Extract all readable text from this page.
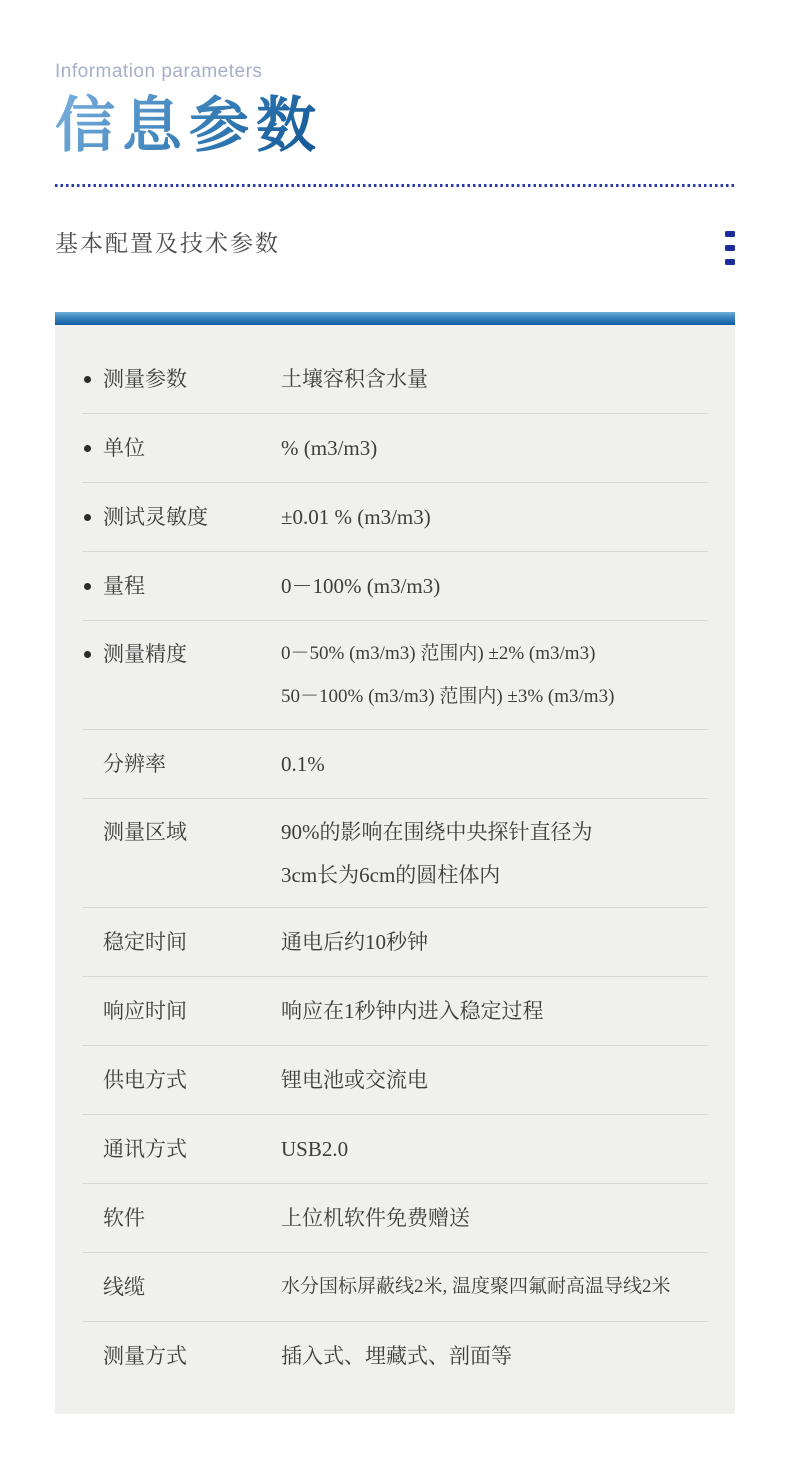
Information parameters
信息参数
基本配置及技术参数
测量参数	土壤容积含水量
单位	% (m3/m3)
测试灵敏度	±0.01 % (m3/m3)
量程	0－100% (m3/m3)
测量精度	0－50% (m3/m3) 范围内) ±2% (m3/m3)
50－100% (m3/m3) 范围内) ±3% (m3/m3)
分辨率	0.1%
测量区域	90%的影响在围绕中央探针直径为
3cm长为6cm的圆柱体内
稳定时间	通电后约10秒钟
响应时间	响应在1秒钟内进入稳定过程
供电方式	锂电池或交流电
通讯方式	USB2.0
软件	上位机软件免费赠送
线缆	水分国标屏蔽线2米, 温度聚四氟耐高温导线2米
测量方式	插入式、埋藏式、剖面等
